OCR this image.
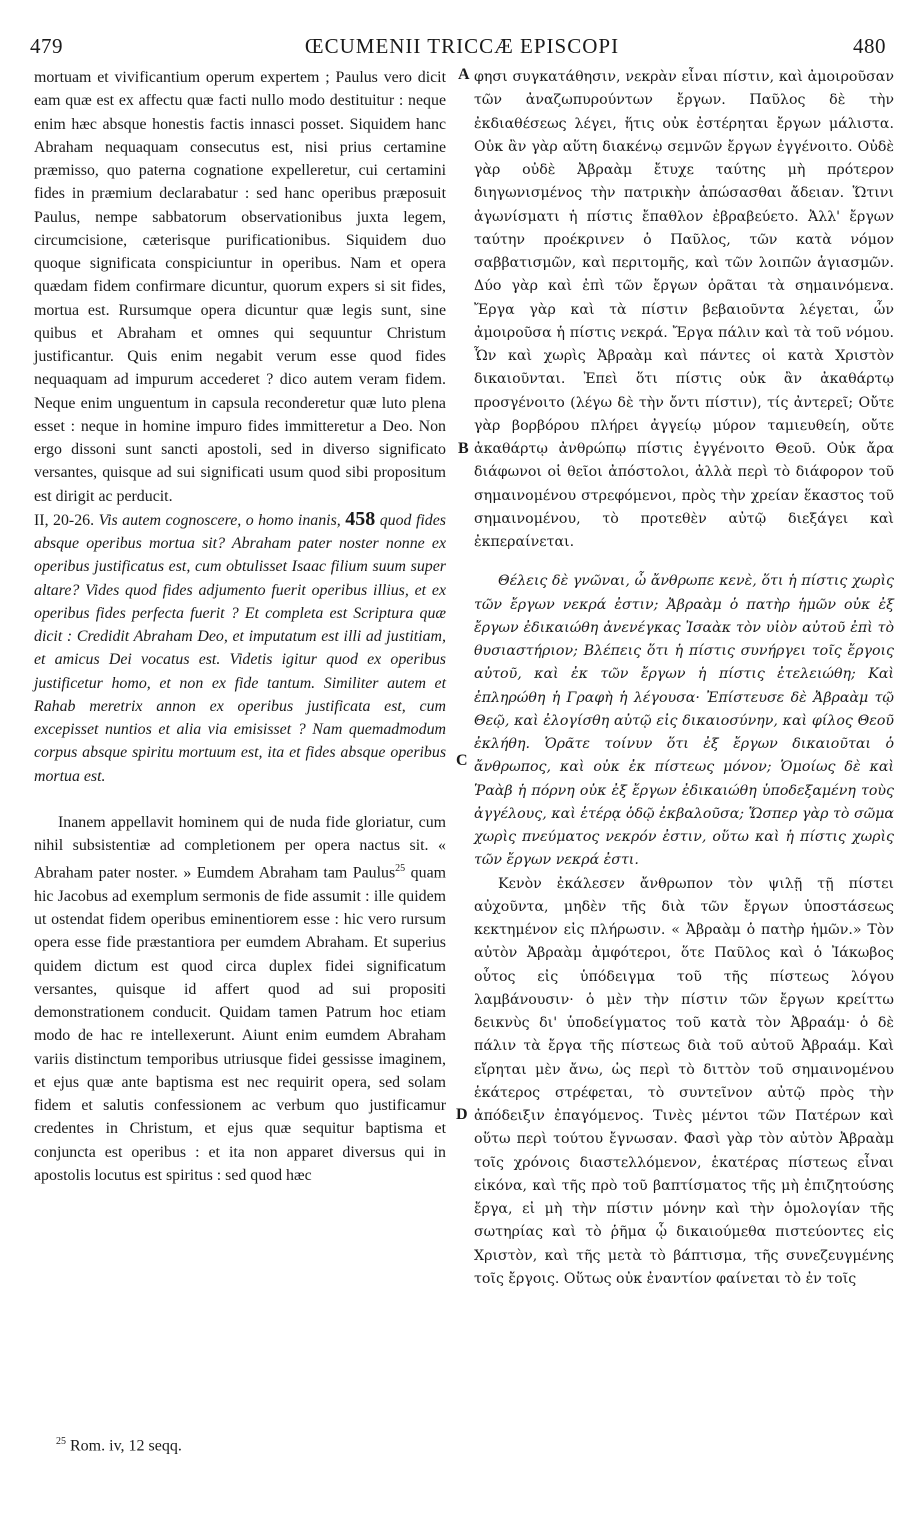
ŒCUMENII TRICCÆ EPISCOPI
479	480

mortuam et vivificantium operum expertem ; Paulus vero dicit eam quæ est ex affectu quæ facti nullo modo destituitur : neque enim hæc absque honestis factis innasci posset. Siquidem hanc Abraham nequaquam consecutus est, nisi prius certamine præmisso, quo paterna cognatione expelleretur, cui certamini fides in præmium declarabatur : sed hanc operibus præposuit Paulus, nempe sabbatorum observationibus juxta legem, circumcisione, cæterisque purificationibus. Siquidem duo quoque significata conspiciuntur in operibus. Nam et opera quædam fidem confirmare dicuntur, quorum expers si sit fides, mortua est. Rursumque opera dicuntur quæ legis sunt, sine quibus et Abraham et omnes qui sequuntur Christum justificantur. Quis enim negabit verum esse quod fides nequaquam ad impurum accederet ? dico autem veram fidem. Neque enim unguentum in capsula reconderetur quæ luto plena esset : neque in homine impuro fides immitteretur a Deo. Non ergo dissoni sunt sancti apostoli, sed in diverso significato versantes, quisque ad sui significati usum quod sibi propositum est dirigit ac perducit.

II, 20-26. Vis autem cognoscere, o homo inanis, 458 quod fides absque operibus mortua sit? Abraham pater noster nonne ex operibus justificatus est, cum obtulisset Isaac filium suum super altare? Vides quod fides adjumento fuerit operibus illius, et ex operibus fides perfecta fuerit ? Et completa est Scriptura quæ dicit : Credidit Abraham Deo, et imputatum est illi ad justitiam, et amicus Dei vocatus est. Videtis igitur quod ex operibus justificetur homo, et non ex fide tantum. Similiter autem et Rahab meretrix annon ex operibus justificata est, cum excepisset nuntios et alia via emisisset ? Nam quemadmodum corpus absque spiritu mortuum est, ita et fides absque operibus mortua est.

Inanem appellavit hominem qui de nuda fide gloriatur, cum nihil subsistentiæ ad completionem per opera nactus sit. « Abraham pater noster. » Eumdem Abraham tam Paulus$^{25}$ quam hic Jacobus ad exemplum sermonis de fide assumit : ille quidem ut ostendat fidem operibus eminentiorem esse : hic vero rursum opera esse fide præstantiora per eumdem Abraham. Et superius quidem dictum est quod circa duplex fidei significatum versantes, quisque id affert quod ad sui propositi demonstrationem conducit. Quidam tamen Patrum hoc etiam modo de hac re intellexerunt. Aiunt enim eumdem Abraham variis distinctum temporibus utriusque fidei gessisse imaginem, et ejus quæ ante baptisma est nec requirit opera, sed solam fidem et salutis confessionem ac verbum quo justificamur credentes in Christum, et ejus quæ sequitur baptisma et conjuncta est operibus : et ita non apparet diversus qui in apostolis locutus est spiritus : sed quod hæc

φησι συγκατάθησιν, νεκρὰν εἶναι πίστιν, καὶ ἀμοιροῦσαν τῶν ἀναζωπυρούντων ἔργων. Παῦλος δὲ τὴν ἐκδιαθέσεως λέγει, ἥτις οὐκ ἐστέρηται ἔργων μάλιστα. Οὐκ ἂν γὰρ αὕτη διακένῳ σεμνῶν ἔργων ἐγγένοιτο. Οὐδὲ γὰρ οὐδὲ Ἀβραὰμ ἔτυχε ταύτης μὴ πρότερον διηγωνισμένος τὴν πατρικὴν ἀπώσασθαι ἄδειαν. Ὥτινι ἀγωνίσματι ἡ πίστις ἔπαθλον ἐβραβεύετο. Ἀλλ' ἔργων ταύτην προέκρινεν ὁ Παῦλος, τῶν κατὰ νόμον σαββατισμῶν, καὶ περιτομῆς, καὶ τῶν λοιπῶν ἁγιασμῶν. Δύο γὰρ καὶ ἐπὶ τῶν ἔργων ὁρᾶται τὰ σημαινόμενα. Ἔργα γὰρ καὶ τὰ πίστιν βεβαιοῦντα λέγεται, ὧν ἀμοιροῦσα ἡ πίστις νεκρά. Ἔργα πάλιν καὶ τὰ τοῦ νόμου. Ὧν καὶ χωρὶς Ἀβραὰμ καὶ πάντες οἱ κατὰ Χριστὸν δικαιοῦνται. Ἐπεὶ ὅτι πίστις οὐκ ἂν ἀκαθάρτῳ προσγένοιτο (λέγω δὲ τὴν ὄντι πίστιν), τίς ἀντερεῖ; Οὔτε γὰρ βορβόρου πλήρει ἀγγείῳ μύρον ταμιευθείη, οὔτε ἀκαθάρτῳ ἀνθρώπῳ πίστις ἐγγένοιτο Θεοῦ. Οὐκ ἄρα διάφωνοι οἱ θεῖοι ἀπόστολοι, ἀλλὰ περὶ τὸ διάφορον τοῦ σημαινομένου στρεφόμενοι, πρὸς τὴν χρείαν ἕκαστος τοῦ σημαινομένου, τὸ προτεθὲν αὐτῷ διεξάγει καὶ ἐκπεραίνεται.

Θέλεις δὲ γνῶναι, ὦ ἄνθρωπε κενὲ, ὅτι ἡ πίστις χωρὶς τῶν ἔργων νεκρά ἐστιν; Ἀβραὰμ ὁ πατὴρ ἡμῶν οὐκ ἐξ ἔργων ἐδικαιώθη ἀνενέγκας Ἰσαὰκ τὸν υἱὸν αὐτοῦ ἐπὶ τὸ θυσιαστήριον; Βλέπεις ὅτι ἡ πίστις συνήργει τοῖς ἔργοις αὐτοῦ, καὶ ἐκ τῶν ἔργων ἡ πίστις ἐτελειώθη; Καὶ ἐπληρώθη ἡ Γραφὴ ἡ λέγουσα· Ἐπίστευσε δὲ Ἀβραὰμ τῷ Θεῷ, καὶ ἐλογίσθη αὐτῷ εἰς δικαιοσύνην, καὶ φίλος Θεοῦ ἐκλήθη. Ὁρᾶτε τοίνυν ὅτι ἐξ ἔργων δικαιοῦται ὁ ἄνθρωπος, καὶ οὐκ ἐκ πίστεως μόνον; Ὁμοίως δὲ καὶ Ῥαὰβ ἡ πόρνη οὐκ ἐξ ἔργων ἐδικαιώθη ὑποδεξαμένη τοὺς ἀγγέλους, καὶ ἑτέρᾳ ὁδῷ ἐκβαλοῦσα; Ὥσπερ γὰρ τὸ σῶμα χωρὶς πνεύματος νεκρόν ἐστιν, οὕτω καὶ ἡ πίστις χωρὶς τῶν ἔργων νεκρά ἐστι.

Κενὸν ἐκάλεσεν ἄνθρωπον τὸν ψιλῇ τῇ πίστει αὐχοῦντα, μηδὲν τῆς διὰ τῶν ἔργων ὑποστάσεως κεκτημένον εἰς πλήρωσιν. « Ἀβραὰμ ὁ πατὴρ ἡμῶν.» Τὸν αὐτὸν Ἀβραὰμ ἀμφότεροι, ὅτε Παῦλος καὶ ὁ Ἰάκωβος οὗτος εἰς ὑπόδειγμα τοῦ τῆς πίστεως λόγου λαμβάνουσιν· ὁ μὲν τὴν πίστιν τῶν ἔργων κρείττω δεικνὺς δι' ὑποδείγματος τοῦ κατὰ τὸν Ἀβραάμ· ὁ δὲ πάλιν τὰ ἔργα τῆς πίστεως διὰ τοῦ αὐτοῦ Ἀβραάμ. Καὶ εἴρηται μὲν ἄνω, ὡς περὶ τὸ διττὸν τοῦ σημαινομένου ἑκάτερος στρέφεται, τὸ συντεῖνον αὐτῷ πρὸς τὴν ἀπόδειξιν ἐπαγόμενος. Τινὲς μέντοι τῶν Πατέρων καὶ οὕτω περὶ τούτου ἔγνωσαν. Φασὶ γὰρ τὸν αὐτὸν Ἀβραὰμ τοῖς χρόνοις διαστελλόμενον, ἑκατέρας πίστεως εἶναι εἰκόνα, καὶ τῆς πρὸ τοῦ βαπτίσματος τῆς μὴ ἐπιζητούσης ἔργα, εἰ μὴ τὴν πίστιν μόνην καὶ τὴν ὁμολογίαν τῆς σωτηρίας καὶ τὸ ῥῆμα ᾧ δικαιούμεθα πιστεύοντες εἰς Χριστὸν, καὶ τῆς μετὰ τὸ βάπτισμα, τῆς συνεζευγμένης τοῖς ἔργοις. Οὕτως οὐκ ἐναντίον φαίνεται τὸ ἐν τοῖς

A
B
C
D
$^{25}$ Rom. iv, 12 seqq.
